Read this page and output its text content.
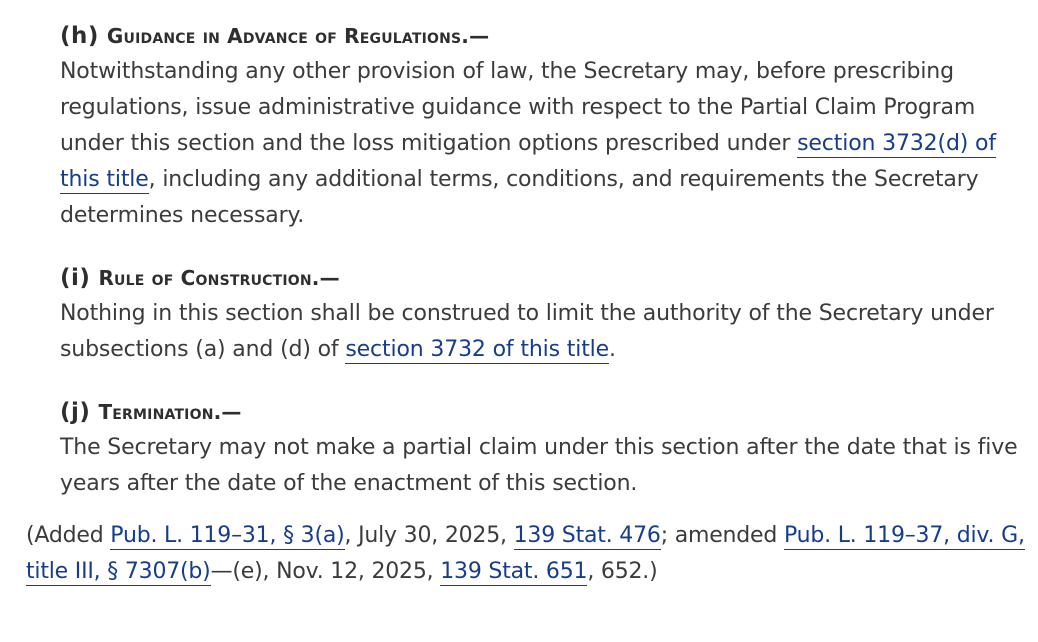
(h) Guidance in Advance of Regulations.—

Notwithstanding any other provision of law, the Secretary may, before prescribing regulations, issue administrative guidance with respect to the Partial Claim Program under this section and the loss mitigation options prescribed under section 3732(d) of this title, including any additional terms, conditions, and requirements the Secretary determines necessary.

(i) Rule of Construction.—

Nothing in this section shall be construed to limit the authority of the Secretary under subsections (a) and (d) of section 3732 of this title.

(j) Termination.—

The Secretary may not make a partial claim under this section after the date that is five years after the date of the enactment of this section.

(Added Pub. L. 119–31, § 3(a), July 30, 2025, 139 Stat. 476; amended Pub. L. 119–37, div. G, title III, § 7307(b)—(e), Nov. 12, 2025, 139 Stat. 651, 652.)
